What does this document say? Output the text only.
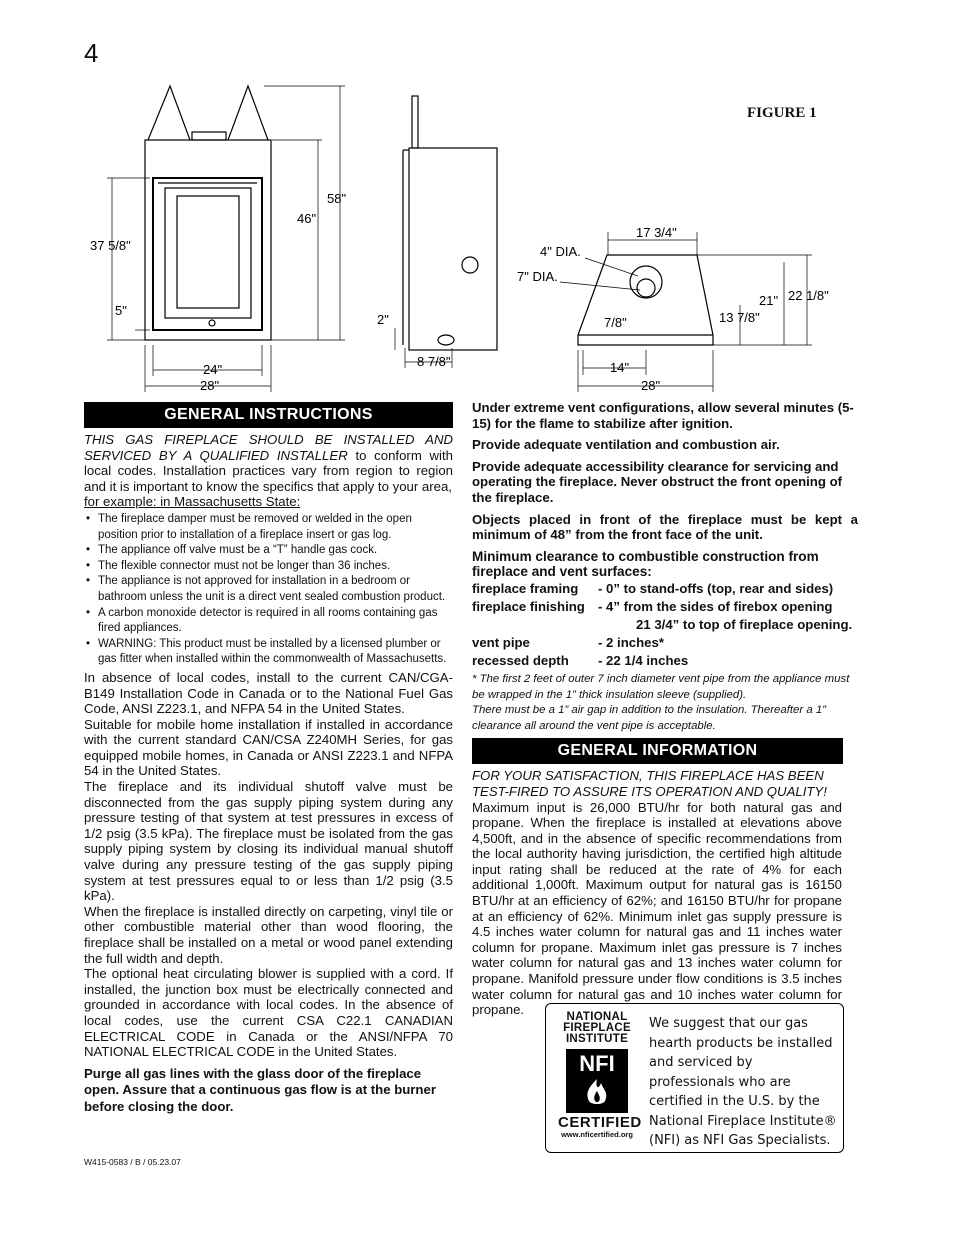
4
FIGURE 1
58"
46"
37 5/8"
5"
24"
28"
2"
8 7/8"
17 3/4"
4" DIA.
7" DIA.
21" 22 1/8"
13 7/8"
7/8"
14"
28"
GENERAL INSTRUCTIONS

THIS GAS FIREPLACE SHOULD BE INSTALLED AND SERVICED BY A QUALIFIED INSTALLER to conform with local codes. Installation practices vary from region to region and it is important to know the specifics that apply to your area,

for example: in Massachusetts State:

• The fireplace damper must be removed or welded in the open position prior to installation of a fireplace insert or gas log.
• The appliance off valve must be a “T” handle gas cock.
• The flexible connector must not be longer than 36 inches.
• The appliance is not approved for installation in a bedroom or bathroom unless the unit is a direct vent sealed combustion product.
• A carbon monoxide detector is required in all rooms containing gas fired appliances.
• WARNING: This product must be installed by a licensed plumber or gas fitter when installed within the commonwealth of Massachusetts.

In absence of local codes, install to the current CAN/CGA-B149 Installation Code in Canada or to the National Fuel Gas Code, ANSI Z223.1, and NFPA 54 in the United States.

Suitable for mobile home installation if installed in accordance with the current standard CAN/CSA Z240MH Series, for gas equipped mobile homes, in Canada or ANSI Z223.1 and NFPA 54 in the United States.

The fireplace and its individual shutoff valve must be disconnected from the gas supply piping system during any pressure testing of that system at test pressures in excess of 1/2 psig (3.5 kPa). The fireplace must be isolated from the gas supply piping system by closing its individual manual shutoff valve during any pressure testing of the gas supply piping system at test pressures equal to or less than 1/2 psig (3.5 kPa).

When the fireplace is installed directly on carpeting, vinyl tile or other combustible material other than wood flooring, the fireplace shall be installed on a metal or wood panel extending the full width and depth.

The optional heat circulating blower is supplied with a cord. If installed, the junction box must be electrically connected and grounded in accordance with local codes. In the absence of local codes, use the current CSA C22.1 CANADIAN ELECTRICAL CODE in Canada or the ANSI/NFPA 70 NATIONAL ELECTRICAL CODE in the United States.

Purge all gas lines with the glass door of the fireplace open. Assure that a continuous gas flow is at the burner before closing the door.

Under extreme vent configurations, allow several minutes (5-15) for the flame to stabilize after ignition.

Provide adequate ventilation and combustion air.

Provide adequate accessibility clearance for servicing and operating the fireplace. Never obstruct the front opening of the fireplace.

Objects placed in front of the fireplace must be kept a minimum of 48” from the front face of the unit.

Minimum clearance to combustible construction from fireplace and vent surfaces:

fireplace framing	- 0” to stand-offs (top, rear and sides)
fireplace finishing	- 4” from the sides of firebox opening
	21 3/4” to top of fireplace opening.
vent pipe	- 2 inches*
recessed depth	- 22 1/4 inches

* The first 2 feet of outer 7 inch diameter vent pipe from the appliance must be wrapped in the 1” thick insulation sleeve (supplied).

There must be a 1” air gap in addition to the insulation. Thereafter a 1” clearance all around the vent pipe is acceptable.

GENERAL INFORMATION

FOR YOUR SATISFACTION, THIS FIREPLACE HAS BEEN TEST-FIRED TO ASSURE ITS OPERATION AND QUALITY!

Maximum input is 26,000 BTU/hr for both natural gas and propane. When the fireplace is installed at elevations above 4,500ft, and in the absence of specific recommendations from the local authority having jurisdiction, the certified high altitude input rating shall be reduced at the rate of 4% for each additional 1,000ft. Maximum output for natural gas is 16150 BTU/hr at an efficiency of 62%; and 16150 BTU/hr for propane at an efficiency of 62%. Minimum inlet gas supply pressure is 4.5 inches water column for natural gas and 11 inches water column for propane. Maximum inlet gas pressure is 7 inches water column for natural gas and 13 inches water column for propane. Manifold pressure under flow conditions is 3.5 inches water column for natural gas and 10 inches water column for propane.	NATIONAL FIREPLACE INSTITUTE
NFI
CERTIFIED
www.nficertified.org
We suggest that our gas hearth products be installed and serviced by professionals who are certified in the U.S. by the National Fireplace Institute® (NFI) as NFI Gas Specialists.
W415-0583 / B / 05.23.07
